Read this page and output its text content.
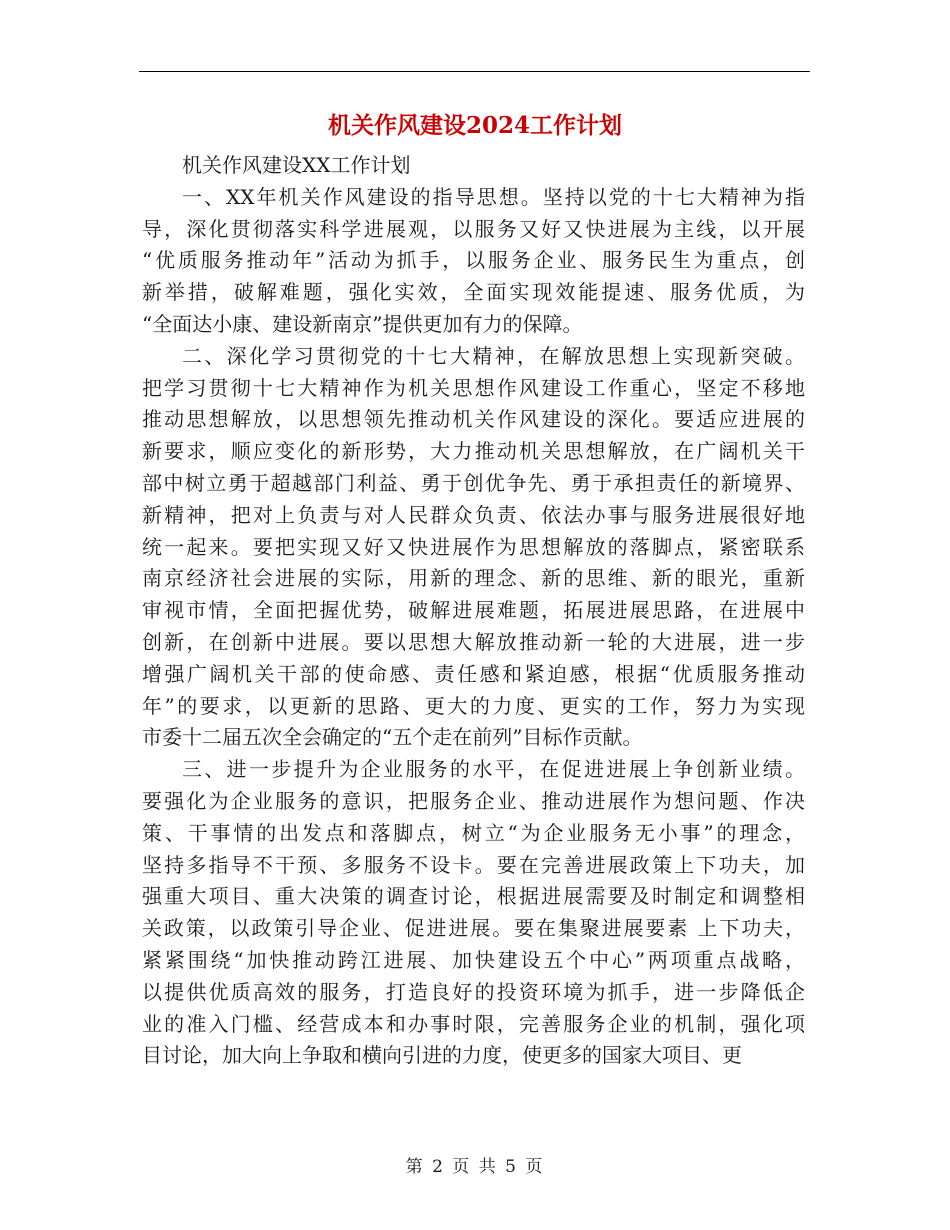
机关作风建设2024工作计划

机关作风建设XX工作计划

一、XX年机关作风建设的指导思想。坚持以党的十七大精神为指
导，深化贯彻落实科学进展观，以服务又好又快进展为主线，以开展
“优质服务推动年”活动为抓手，以服务企业、服务民生为重点，创
新举措，破解难题，强化实效，全面实现效能提速、服务优质，为
“全面达小康、建设新南京”提供更加有力的保障。

二、深化学习贯彻党的十七大精神，在解放思想上实现新突破。
把学习贯彻十七大精神作为机关思想作风建设工作重心，坚定不移地
推动思想解放，以思想领先推动机关作风建设的深化。要适应进展的
新要求，顺应变化的新形势，大力推动机关思想解放，在广阔机关干
部中树立勇于超越部门利益、勇于创优争先、勇于承担责任的新境界、
新精神，把对上负责与对人民群众负责、依法办事与服务进展很好地
统一起来。要把实现又好又快进展作为思想解放的落脚点，紧密联系
南京经济社会进展的实际，用新的理念、新的思维、新的眼光，重新
审视市情，全面把握优势，破解进展难题，拓展进展思路，在进展中
创新，在创新中进展。要以思想大解放推动新一轮的大进展，进一步
增强广阔机关干部的使命感、责任感和紧迫感，根据“优质服务推动
年”的要求，以更新的思路、更大的力度、更实的工作，努力为实现
市委十二届五次全会确定的“五个走在前列”目标作贡献。

三、进一步提升为企业服务的水平，在促进进展上争创新业绩。
要强化为企业服务的意识，把服务企业、推动进展作为想问题、作决
策、干事情的出发点和落脚点，树立“为企业服务无小事”的理念，
坚持多指导不干预、多服务不设卡。要在完善进展政策上下功夫，加
强重大项目、重大决策的调查讨论，根据进展需要及时制定和调整相
关政策，以政策引导企业、促进进展。要在集聚进展要素 上下功夫，
紧紧围绕“加快推动跨江进展、加快建设五个中心”两项重点战略，
以提供优质高效的服务，打造良好的投资环境为抓手，进一步降低企
业的准入门槛、经营成本和办事时限，完善服务企业的机制，强化项
目讨论，加大向上争取和横向引进的力度，使更多的国家大项目、更

第 2 页 共 5 页
